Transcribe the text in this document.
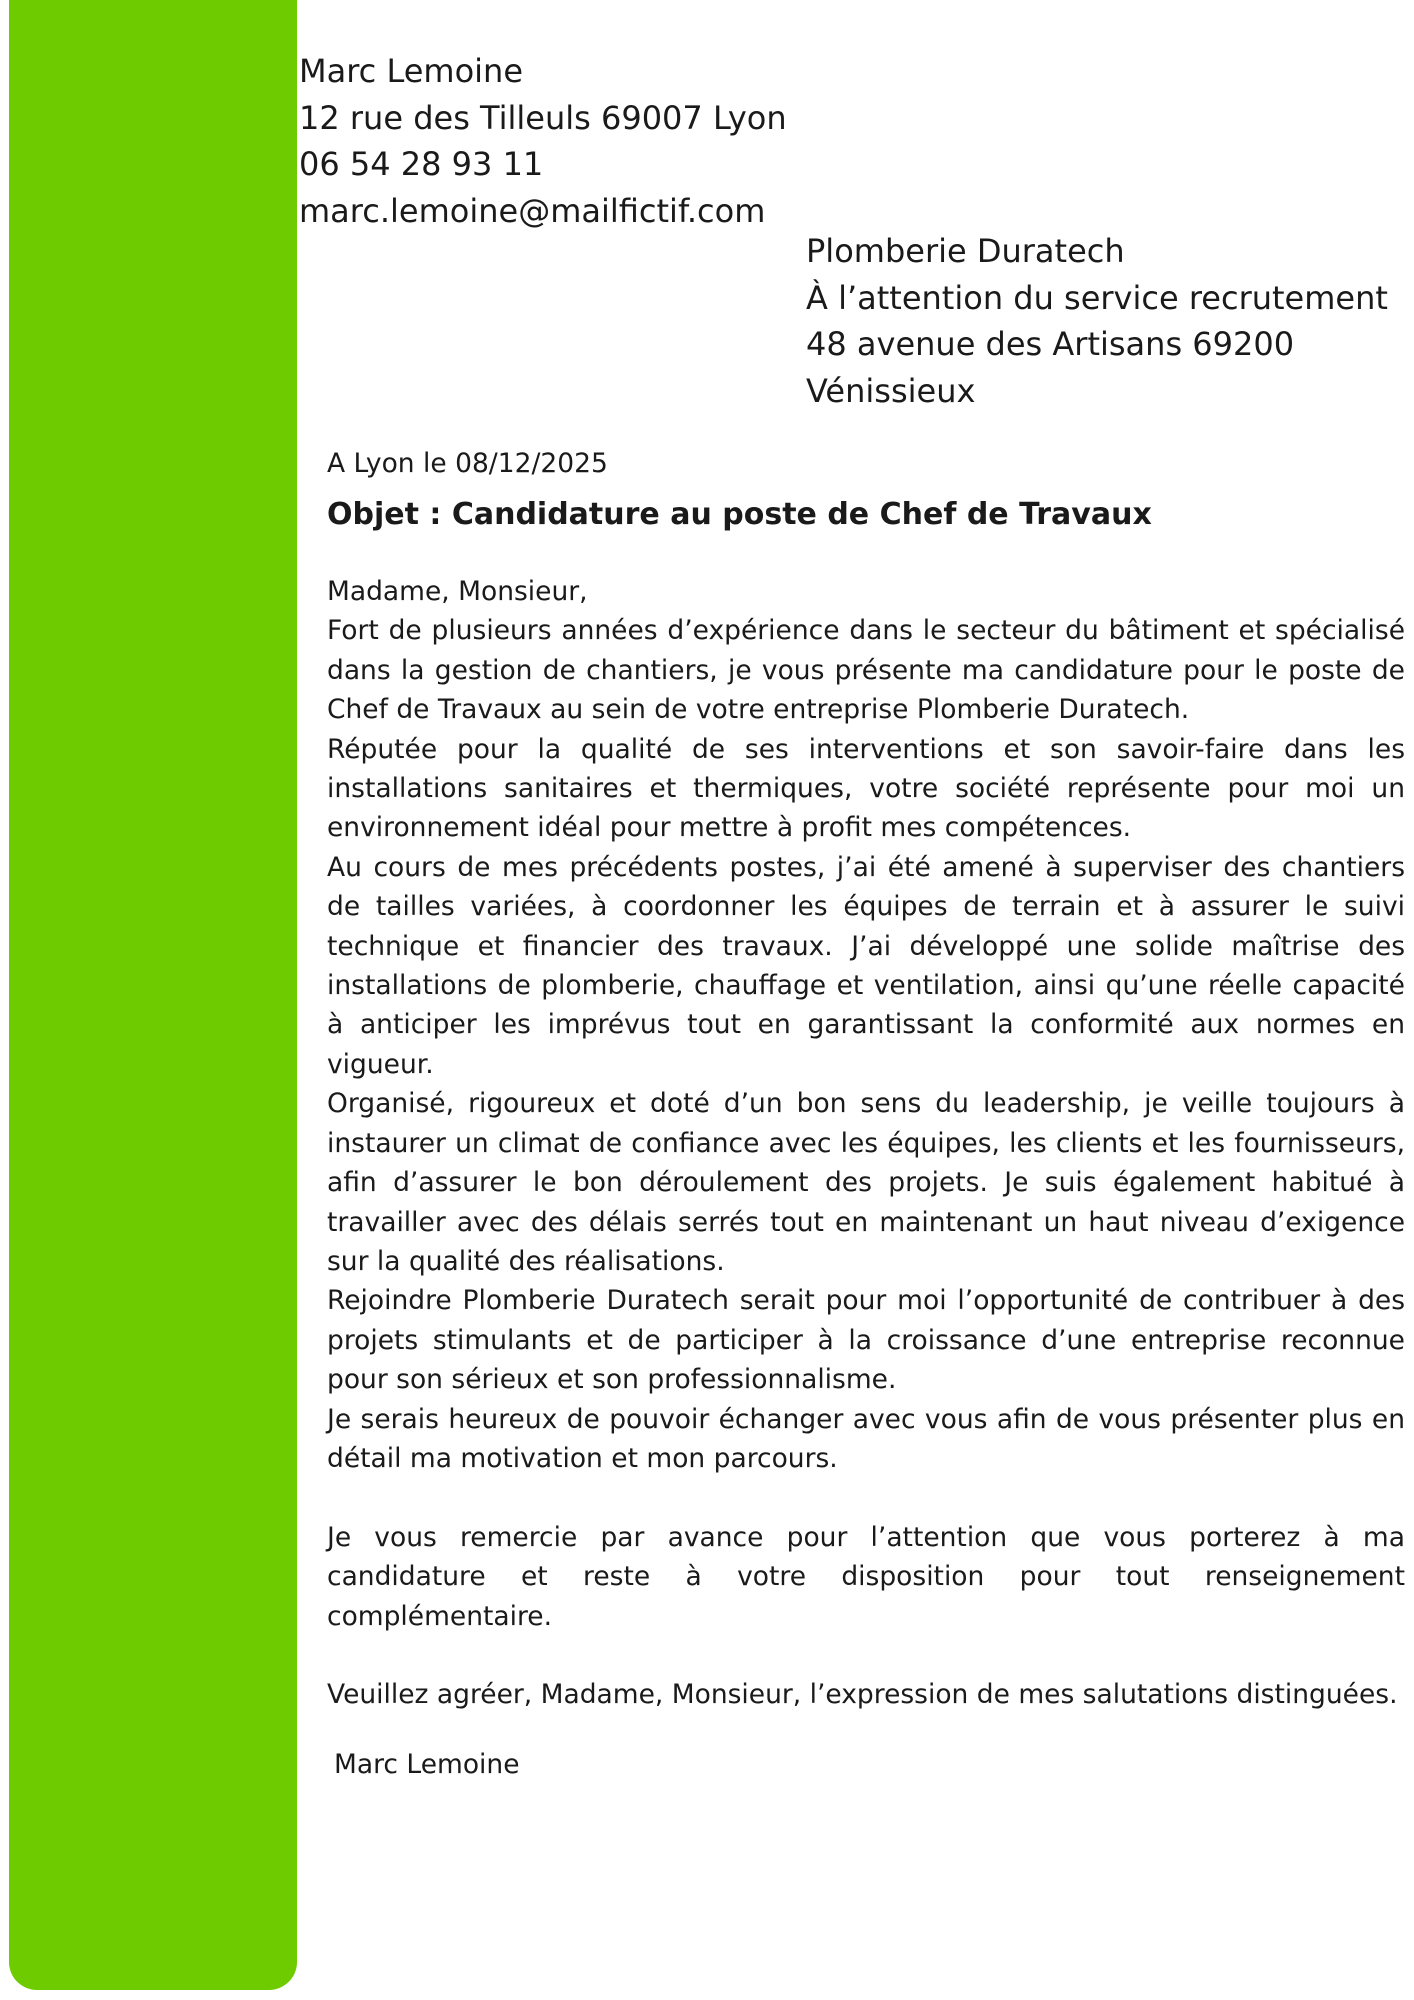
Marc Lemoine
12 rue des Tilleuls 69007 Lyon
06 54 28 93 11
marc.lemoine@mailfictif.com
Plomberie Duratech
À l’attention du service recrutement
48 avenue des Artisans 69200
Vénissieux
A Lyon le 08/12/2025
Objet : Candidature au poste de Chef de Travaux

Madame, Monsieur,

Fort de plusieurs années d’expérience dans le secteur du bâtiment et spécialisé dans la gestion de chantiers, je vous présente ma candidature pour le poste de Chef de Travaux au sein de votre entreprise Plomberie Duratech.

Réputée pour la qualité de ses interventions et son savoir-faire dans les installations sanitaires et thermiques, votre société représente pour moi un environnement idéal pour mettre à profit mes compétences.

Au cours de mes précédents postes, j’ai été amené à superviser des chantiers de tailles variées, à coordonner les équipes de terrain et à assurer le suivi technique et financier des travaux. J’ai développé une solide maîtrise des installations de plomberie, chauffage et ventilation, ainsi qu’une réelle capacité à anticiper les imprévus tout en garantissant la conformité aux normes en vigueur.

Organisé, rigoureux et doté d’un bon sens du leadership, je veille toujours à instaurer un climat de confiance avec les équipes, les clients et les fournisseurs, afin d’assurer le bon déroulement des projets. Je suis également habitué à travailler avec des délais serrés tout en maintenant un haut niveau d’exigence sur la qualité des réalisations.

Rejoindre Plomberie Duratech serait pour moi l’opportunité de contribuer à des projets stimulants et de participer à la croissance d’une entreprise reconnue pour son sérieux et son professionnalisme.

Je serais heureux de pouvoir échanger avec vous afin de vous présenter plus en détail ma motivation et mon parcours.

Je vous remercie par avance pour l’attention que vous porterez à ma candidature et reste à votre disposition pour tout renseignement complémentaire.

Veuillez agréer, Madame, Monsieur, l’expression de mes salutations distinguées.

Marc Lemoine
